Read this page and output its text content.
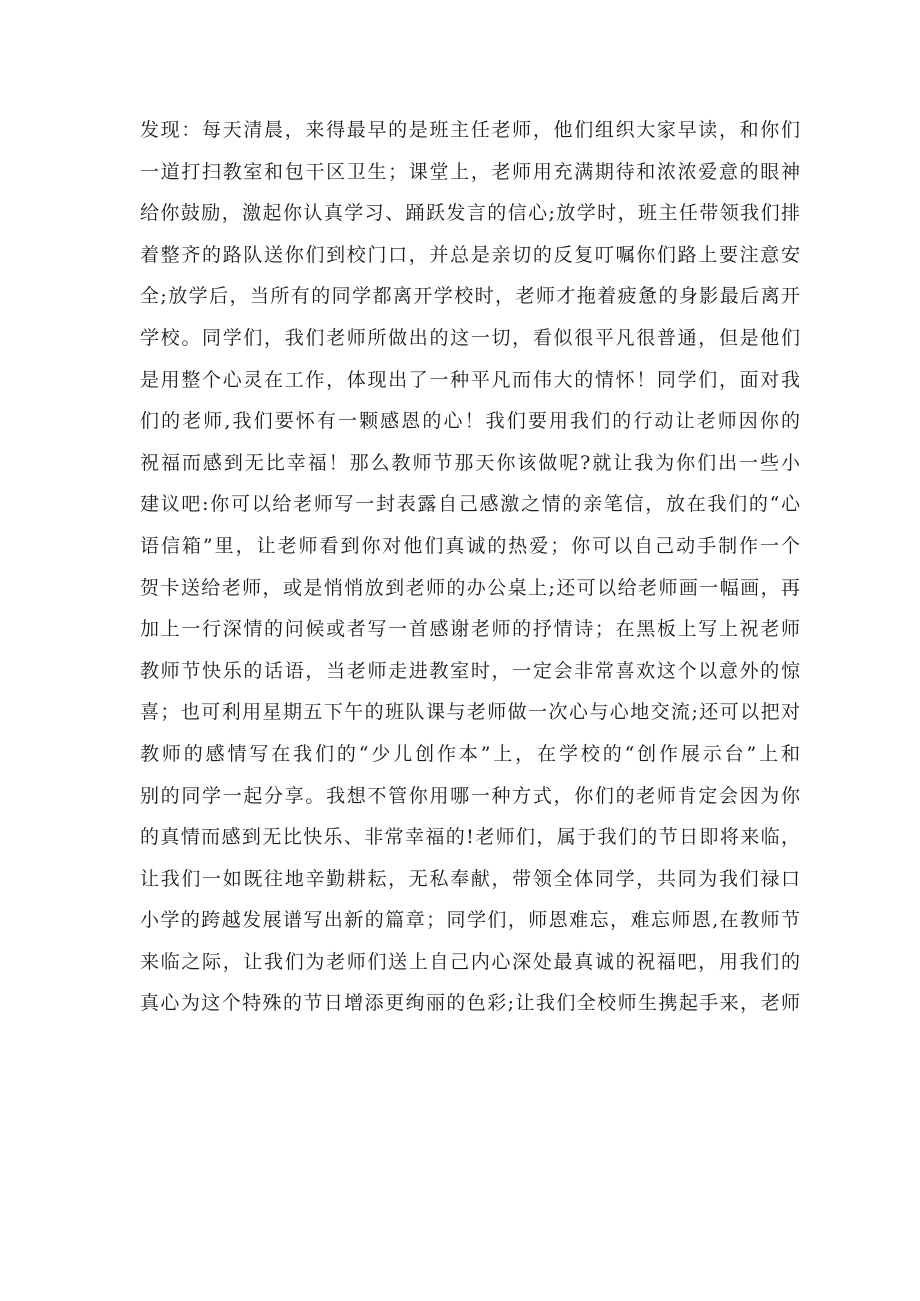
发现：每天清晨，来得最早的是班主任老师，他们组织大家早读，和你们
一道打扫教室和包干区卫生；课堂上，老师用充满期待和浓浓爱意的眼神
给你鼓励，激起你认真学习、踊跃发言的信心;放学时，班主任带领我们排
着整齐的路队送你们到校门口，并总是亲切的反复叮嘱你们路上要注意安
全;放学后，当所有的同学都离开学校时，老师才拖着疲惫的身影最后离开
学校。同学们，我们老师所做出的这一切，看似很平凡很普通，但是他们
是用整个心灵在工作，体现出了一种平凡而伟大的情怀！同学们，面对我
们的老师,我们要怀有一颗感恩的心！我们要用我们的行动让老师因你的
祝福而感到无比幸福！那么教师节那天你该做呢?就让我为你们出一些小
建议吧:你可以给老师写一封表露自己感激之情的亲笔信，放在我们的“心
语信箱”里，让老师看到你对他们真诚的热爱；你可以自己动手制作一个
贺卡送给老师，或是悄悄放到老师的办公桌上;还可以给老师画一幅画，再
加上一行深情的问候或者写一首感谢老师的抒情诗；在黑板上写上祝老师
教师节快乐的话语，当老师走进教室时，一定会非常喜欢这个以意外的惊
喜；也可利用星期五下午的班队课与老师做一次心与心地交流;还可以把对
教师的感情写在我们的“少儿创作本”上，在学校的“创作展示台”上和
别的同学一起分享。我想不管你用哪一种方式，你们的老师肯定会因为你
的真情而感到无比快乐、非常幸福的!老师们，属于我们的节日即将来临，
让我们一如既往地辛勤耕耘，无私奉献，带领全体同学，共同为我们禄口
小学的跨越发展谱写出新的篇章；同学们，师恩难忘，难忘师恩,在教师节
来临之际，让我们为老师们送上自己内心深处最真诚的祝福吧，用我们的
真心为这个特殊的节日增添更绚丽的色彩;让我们全校师生携起手来，老师
